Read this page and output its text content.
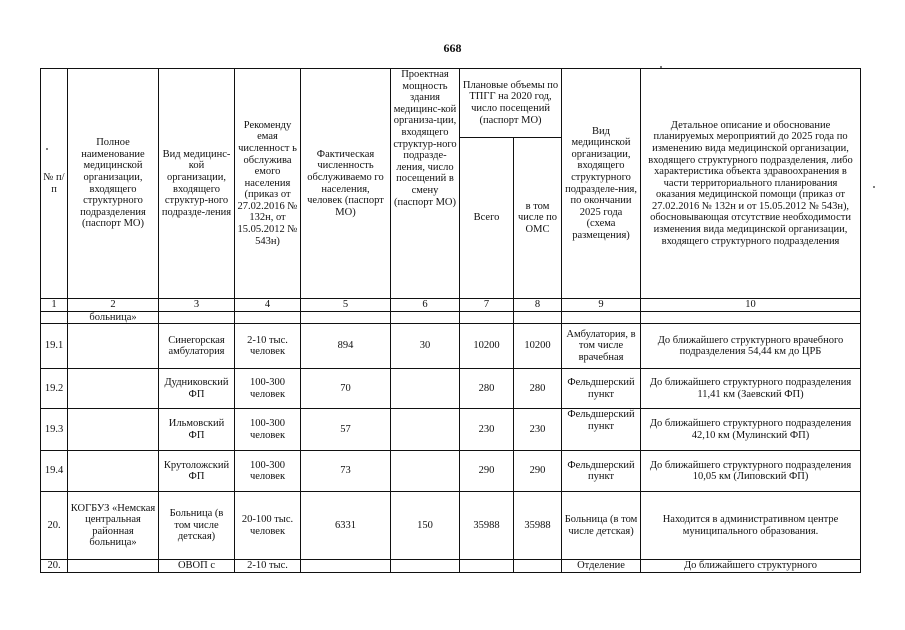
668
№ п/п	Полное наименование медицинской организации, входящего структурного подразделения (паспорт МО)	Вид медицинс-кой организации, входящего структур-ного подразде-ления	Рекоменду емая численност ь обслужива емого населения (приказ от 27.02.2016 № 132н, от 15.05.2012 № 543н)	Фактическая численность обслуживаемо го населения, человек (паспорт МО)	Проектная мощность здания медицинс-кой организа-ции, входящего структур-ного подразде-ления, число посещений в смену (паспорт МО)	Плановые объемы по ТПГГ на 2020 год, число посещений (паспорт МО)		Вид медицинской организации, входящего структурного подразделе-ния, по окончании 2025 года (схема размещения)	Детальное описание и обоснование планируемых мероприятий до 2025 года по изменению вида медицинской организации, входящего структурного подразделения, либо характеристика объекта здравоохранения в части территориального планирования оказания медицинской помощи (приказ от 27.02.2016 № 132н и от 15.05.2012 № 543н), обосновывающая отсутствие необходимости изменения вида медицинской организации, входящего структурного подразделения
						Всего	в том числе по ОМС		
1	2	3	4	5	6	7	8	9	10
	больница»								
19.1		Синегорская амбулатория	2-10 тыс. человек	894	30	10200	10200	Амбулатория, в том числе врачебная	До ближайшего структурного врачебного подразделения 54,44 км до ЦРБ
19.2		Дудниковский ФП	100-300 человек	70		280	280	Фельдшерский пункт	До ближайшего структурного подразделения 11,41 км (Заевский ФП)
19.3		Ильмовский ФП	100-300 человек	57		230	230	Фельдшерский пункт	До ближайшего структурного подразделения 42,10 км (Мулинский ФП)
19.4		Крутоложский ФП	100-300 человек	73		290	290	Фельдшерский пункт	До ближайшего структурного подразделения 10,05 км (Липовский ФП)
20.	КОГБУЗ «Немская центральная районная больница»	Больница (в том числе детская)	20-100 тыс. человек	6331	150	35988	35988	Больница (в том числе детская)	Находится в административном центре муниципального образования.
20.		ОВОП с	2-10 тыс.					Отделение	До ближайшего структурного
